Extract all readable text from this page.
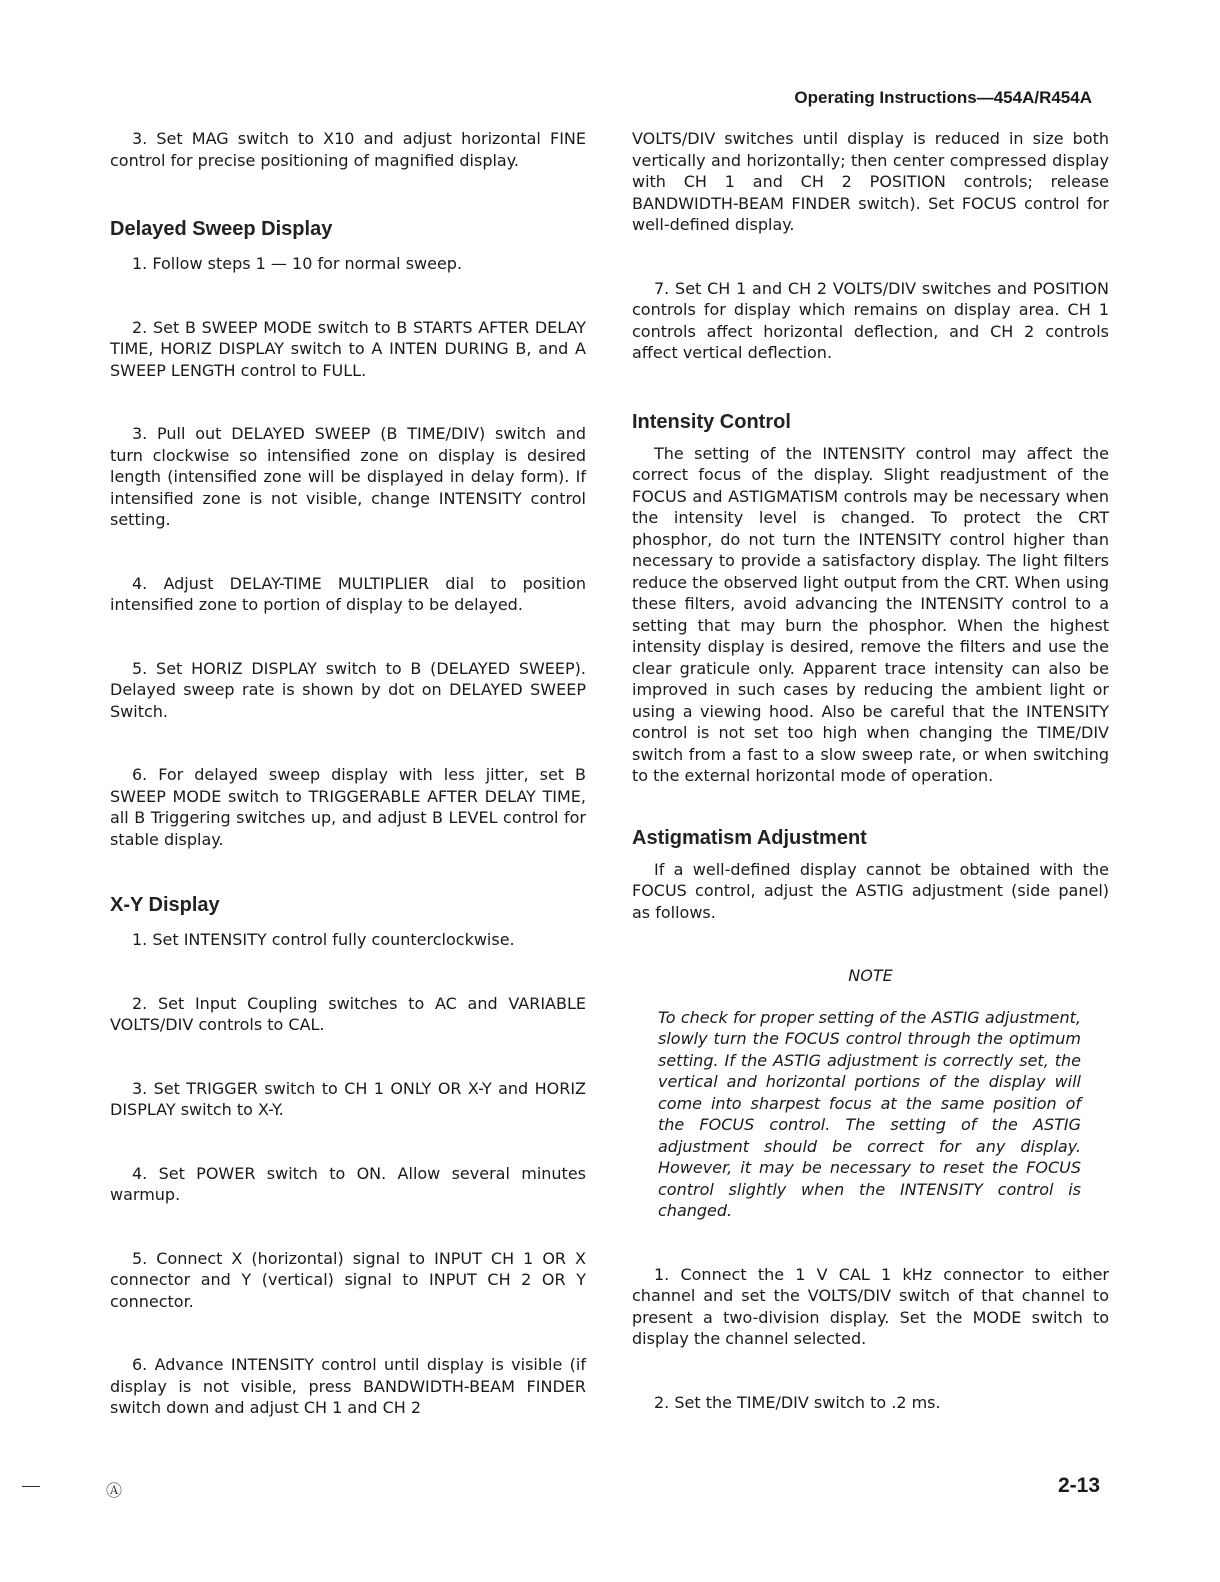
Operating Instructions—454A/R454A

3. Set MAG switch to X10 and adjust horizontal FINE control for precise positioning of magnified display.

Delayed Sweep Display

1. Follow steps 1 — 10 for normal sweep.

2. Set B SWEEP MODE switch to B STARTS AFTER DELAY TIME, HORIZ DISPLAY switch to A INTEN DURING B, and A SWEEP LENGTH control to FULL.

3. Pull out DELAYED SWEEP (B TIME/DIV) switch and turn clockwise so intensified zone on display is desired length (intensified zone will be displayed in delay form). If intensified zone is not visible, change INTENSITY control setting.

4. Adjust DELAY-TIME MULTIPLIER dial to position intensified zone to portion of display to be delayed.

5. Set HORIZ DISPLAY switch to B (DELAYED SWEEP). Delayed sweep rate is shown by dot on DELAYED SWEEP Switch.

6. For delayed sweep display with less jitter, set B SWEEP MODE switch to TRIGGERABLE AFTER DELAY TIME, all B Triggering switches up, and adjust B LEVEL control for stable display.

X-Y Display

1. Set INTENSITY control fully counterclockwise.

2. Set Input Coupling switches to AC and VARIABLE VOLTS/DIV controls to CAL.

3. Set TRIGGER switch to CH 1 ONLY OR X-Y and HORIZ DISPLAY switch to X-Y.

4. Set POWER switch to ON. Allow several minutes warmup.

5. Connect X (horizontal) signal to INPUT CH 1 OR X connector and Y (vertical) signal to INPUT CH 2 OR Y connector.

6. Advance INTENSITY control until display is visible (if display is not visible, press BANDWIDTH-BEAM FINDER switch down and adjust CH 1 and CH 2

VOLTS/DIV switches until display is reduced in size both vertically and horizontally; then center compressed display with CH 1 and CH 2 POSITION controls; release BANDWIDTH-BEAM FINDER switch). Set FOCUS control for well-defined display.

7. Set CH 1 and CH 2 VOLTS/DIV switches and POSITION controls for display which remains on display area. CH 1 controls affect horizontal deflection, and CH 2 controls affect vertical deflection.

Intensity Control

The setting of the INTENSITY control may affect the correct focus of the display. Slight readjustment of the FOCUS and ASTIGMATISM controls may be necessary when the intensity level is changed. To protect the CRT phosphor, do not turn the INTENSITY control higher than necessary to provide a satisfactory display. The light filters reduce the observed light output from the CRT. When using these filters, avoid advancing the INTENSITY control to a setting that may burn the phosphor. When the highest intensity display is desired, remove the filters and use the clear graticule only. Apparent trace intensity can also be improved in such cases by reducing the ambient light or using a viewing hood. Also be careful that the INTENSITY control is not set too high when changing the TIME/DIV switch from a fast to a slow sweep rate, or when switching to the external horizontal mode of operation.

Astigmatism Adjustment

If a well-defined display cannot be obtained with the FOCUS control, adjust the ASTIG adjustment (side panel) as follows.

NOTE

To check for proper setting of the ASTIG adjustment, slowly turn the FOCUS control through the optimum setting. If the ASTIG adjustment is correctly set, the vertical and horizontal portions of the display will come into sharpest focus at the same position of the FOCUS control. The setting of the ASTIG adjustment should be correct for any display. However, it may be necessary to reset the FOCUS control slightly when the INTENSITY control is changed.

1. Connect the 1 V CAL 1 kHz connector to either channel and set the VOLTS/DIV switch of that channel to present a two-division display. Set the MODE switch to display the channel selected.

2. Set the TIME/DIV switch to .2 ms.

Ⓐ	2-13
